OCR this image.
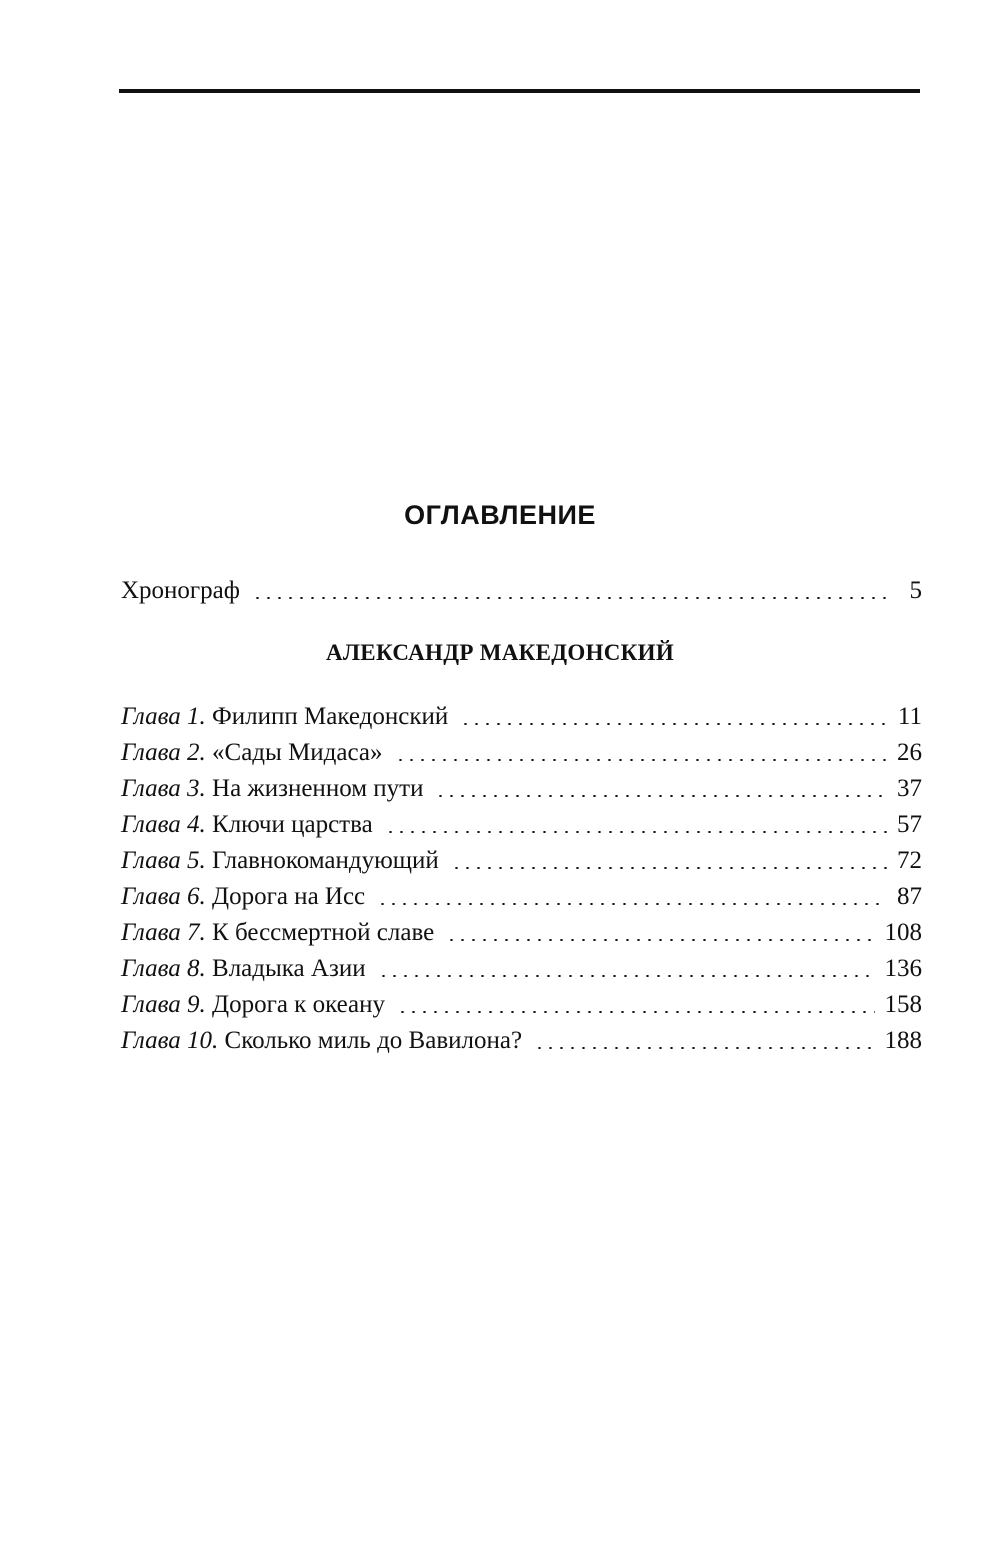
ОГЛАВЛЕНИЕ
Хронограф	5
АЛЕКСАНДР МАКЕДОНСКИЙ
Глава 1. Филипп Македонский	11
Глава 2. «Сады Мидаса»	26
Глава 3. На жизненном пути	37
Глава 4. Ключи царства	57
Глава 5. Главнокомандующий	72
Глава 6. Дорога на Исс	87
Глава 7. К бессмертной славе	108
Глава 8. Владыка Азии	136
Глава 9. Дорога к океану	158
Глава 10. Сколько миль до Вавилона?	188
